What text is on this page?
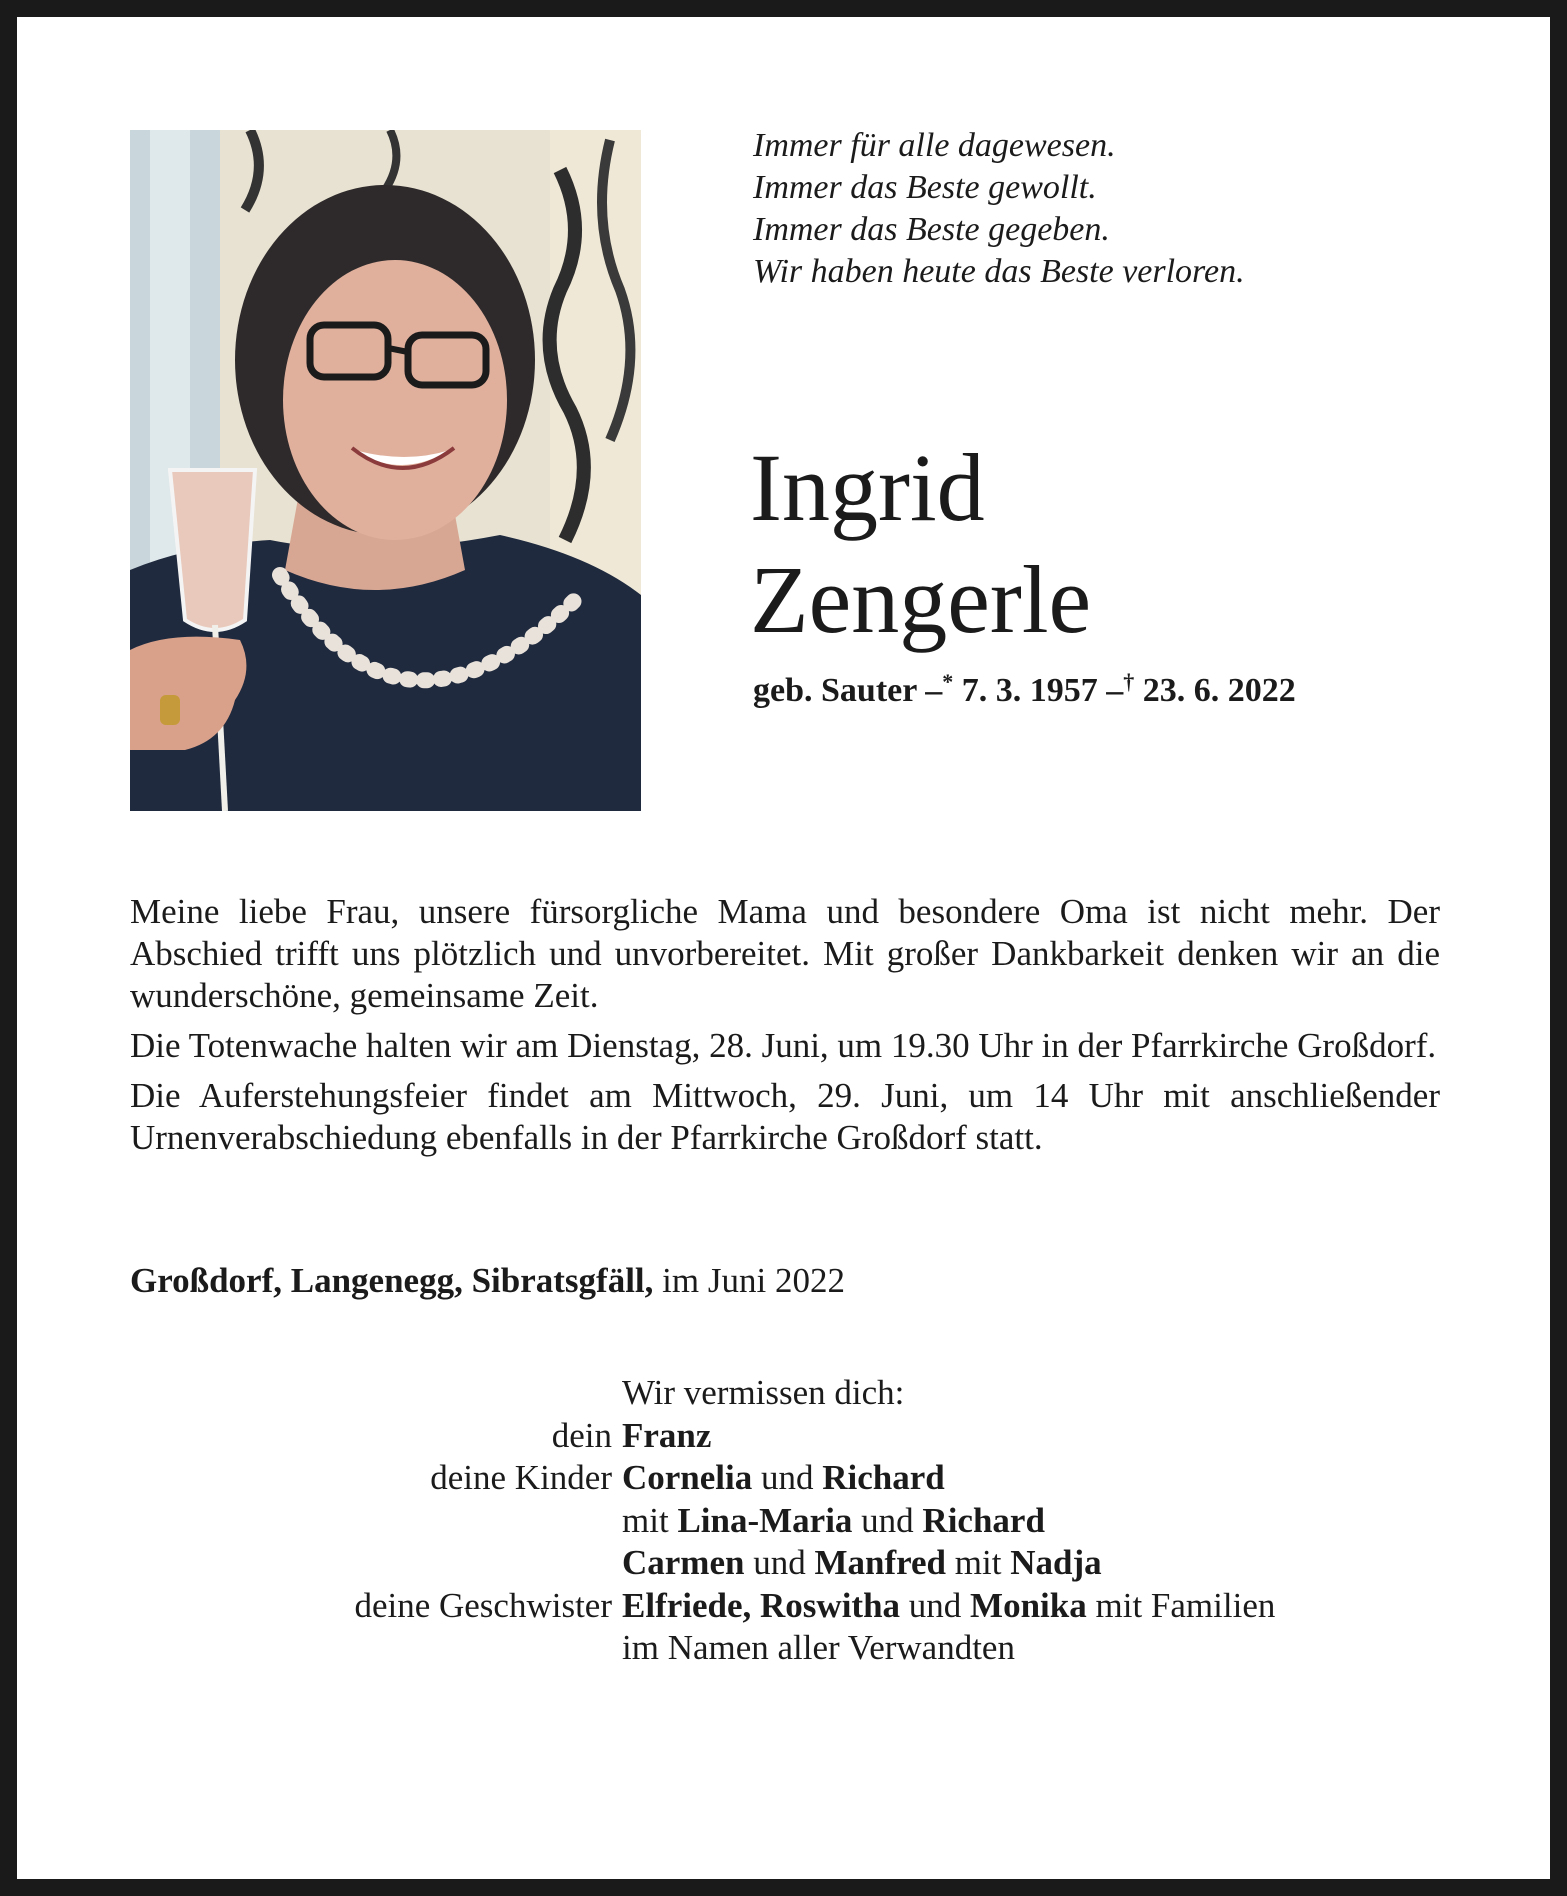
Immer für alle dagewesen.
Immer das Beste gewollt.
Immer das Beste gegeben.
Wir haben heute das Beste verloren.
Ingrid
Zengerle
geb. Sauter –* 7. 3. 1957 –† 23. 6. 2022

Meine liebe Frau, unsere fürsorgliche Mama und besondere Oma ist nicht mehr. Der Abschied trifft uns plötzlich und unvorbereitet. Mit großer Dankbarkeit denken wir an die wunderschöne, gemeinsame Zeit.

Die Totenwache halten wir am Dienstag, 28. Juni, um 19.30 Uhr in der Pfarrkirche Großdorf.

Die Auferstehungsfeier findet am Mittwoch, 29. Juni, um 14 Uhr mit anschließender Urnenverabschiedung ebenfalls in der Pfarrkirche Großdorf statt.

Großdorf, Langenegg, Sibratsgfäll, im Juni 2022
Wir vermissen dich:
dein Franz
deine Kinder Cornelia und Richard
mit Lina-Maria und Richard
Carmen und Manfred mit Nadja
deine Geschwister Elfriede, Roswitha und Monika mit Familien
im Namen aller Verwandten
